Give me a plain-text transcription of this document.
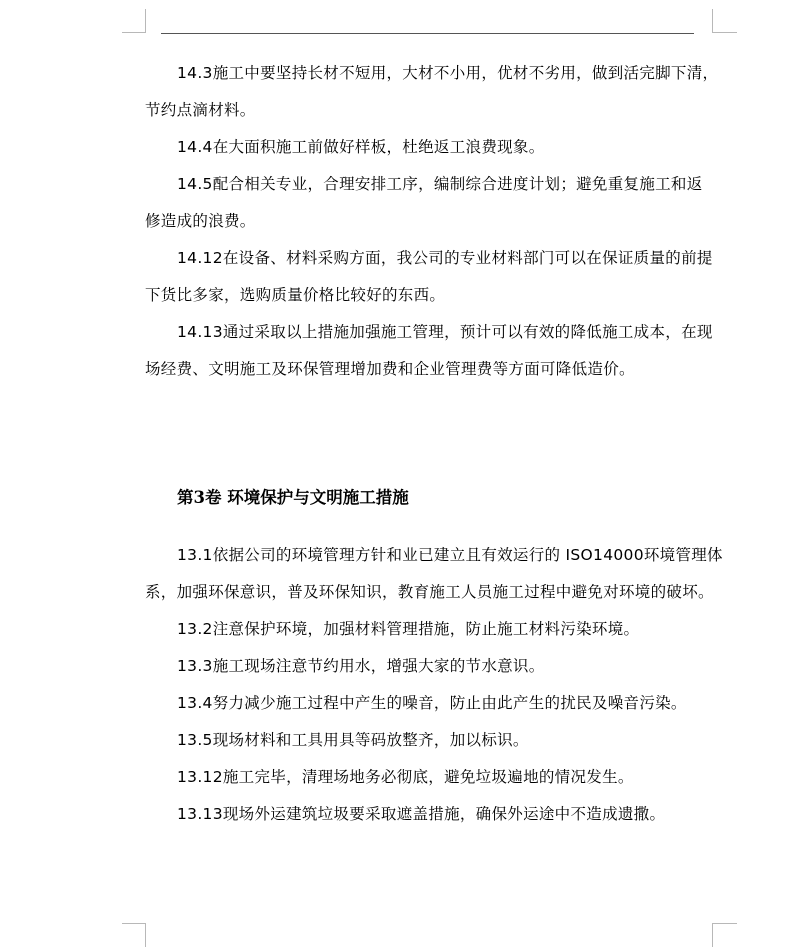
14.3施工中要坚持长材不短用，大材不小用，优材不劣用，做到活完脚下清，
节约点滴材料。
14.4在大面积施工前做好样板，杜绝返工浪费现象。
14.5配合相关专业，合理安排工序，编制综合进度计划；避免重复施工和返
修造成的浪费。
14.12在设备、材料采购方面，我公司的专业材料部门可以在保证质量的前提
下货比多家，选购质量价格比较好的东西。
14.13通过采取以上措施加强施工管理，预计可以有效的降低施工成本，在现
场经费、文明施工及环保管理增加费和企业管理费等方面可降低造价。
第3卷 环境保护与文明施工措施
13.1依据公司的环境管理方针和业已建立且有效运行的 ISO14000环境管理体
系，加强环保意识，普及环保知识，教育施工人员施工过程中避免对环境的破坏。
13.2注意保护环境，加强材料管理措施，防止施工材料污染环境。
13.3施工现场注意节约用水，增强大家的节水意识。
13.4努力减少施工过程中产生的噪音，防止由此产生的扰民及噪音污染。
13.5现场材料和工具用具等码放整齐，加以标识。
13.12施工完毕，清理场地务必彻底，避免垃圾遍地的情况发生。
13.13现场外运建筑垃圾要采取遮盖措施，确保外运途中不造成遗撒。
